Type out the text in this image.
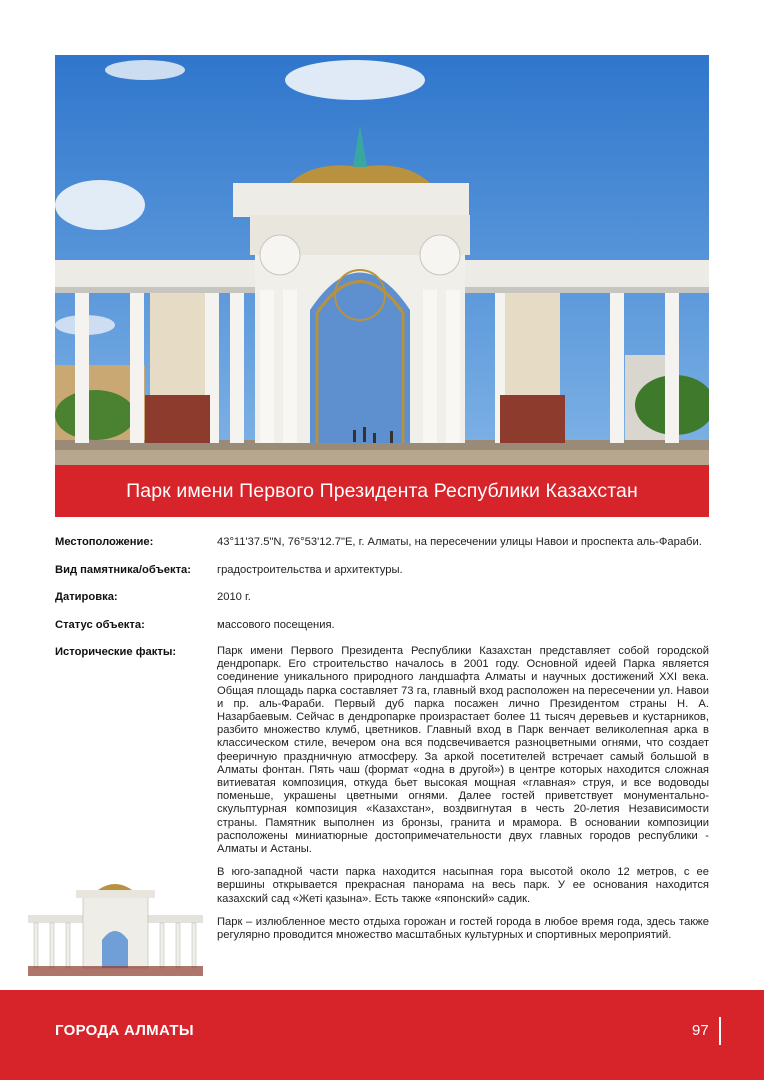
Парк имени Первого Президента Республики Казахстан
Местоположение:	43°11'37.5"N, 76°53'12.7"E, г. Алматы, на пересечении улицы Навои и проспекта аль-Фараби.
Вид памятника/объекта: градостроительства и архитектуры.
Датировка:	2010 г.
Статус объекта:	массового посещения.
Исторические факты:	Парк имени Первого Президента Республики Казахстан представляет собой городской дендропарк. Его строительство началось в 2001 году. Основной идеей Парка является соединение уникального природного ландшафта Алматы и научных достижений XXI века. Общая площадь парка составляет 73 га, главный вход расположен на пересечении ул. Навои и пр. аль-Фараби. Первый дуб парка посажен лично Президентом страны Н. А. Назарбаевым. Сейчас в дендропарке произрастает более 11 тысяч деревьев и кустарников, разбито множество клумб, цветников. Главный вход в Парк венчает великолепная арка в классическом стиле, вечером она вся подсвечивается разноцветными огнями, что создает фееричную праздничную атмосферу. За аркой посетителей встречает самый большой в Алматы фонтан. Пять чаш (формат «одна в другой») в центре которых находится сложная витиеватая композиция, откуда бьет высокая мощная «главная» струя, и все водоводы поменьше, украшены цветными огнями. Далее гостей приветствует монументально-скульптурная композиция «Казахстан», воздвигнутая в честь 20-летия Независимости страны. Памятник выполнен из бронзы, гранита и мрамора. В основании композиции расположены миниатюрные достопримечательности двух главных городов республики - Алматы и Астаны.

В юго-западной части парка находится насыпная гора высотой около 12 метров, с ее вершины открывается прекрасная панорама на весь парк. У ее основания находится казахский сад «Жеті қазына». Есть также «японский» садик.

Парк – излюбленное место отдыха горожан и гостей города в любое время года, здесь также регулярно проводится множество масштабных культурных и спортивных мероприятий.

ГОРОДА АЛМАТЫ	97
